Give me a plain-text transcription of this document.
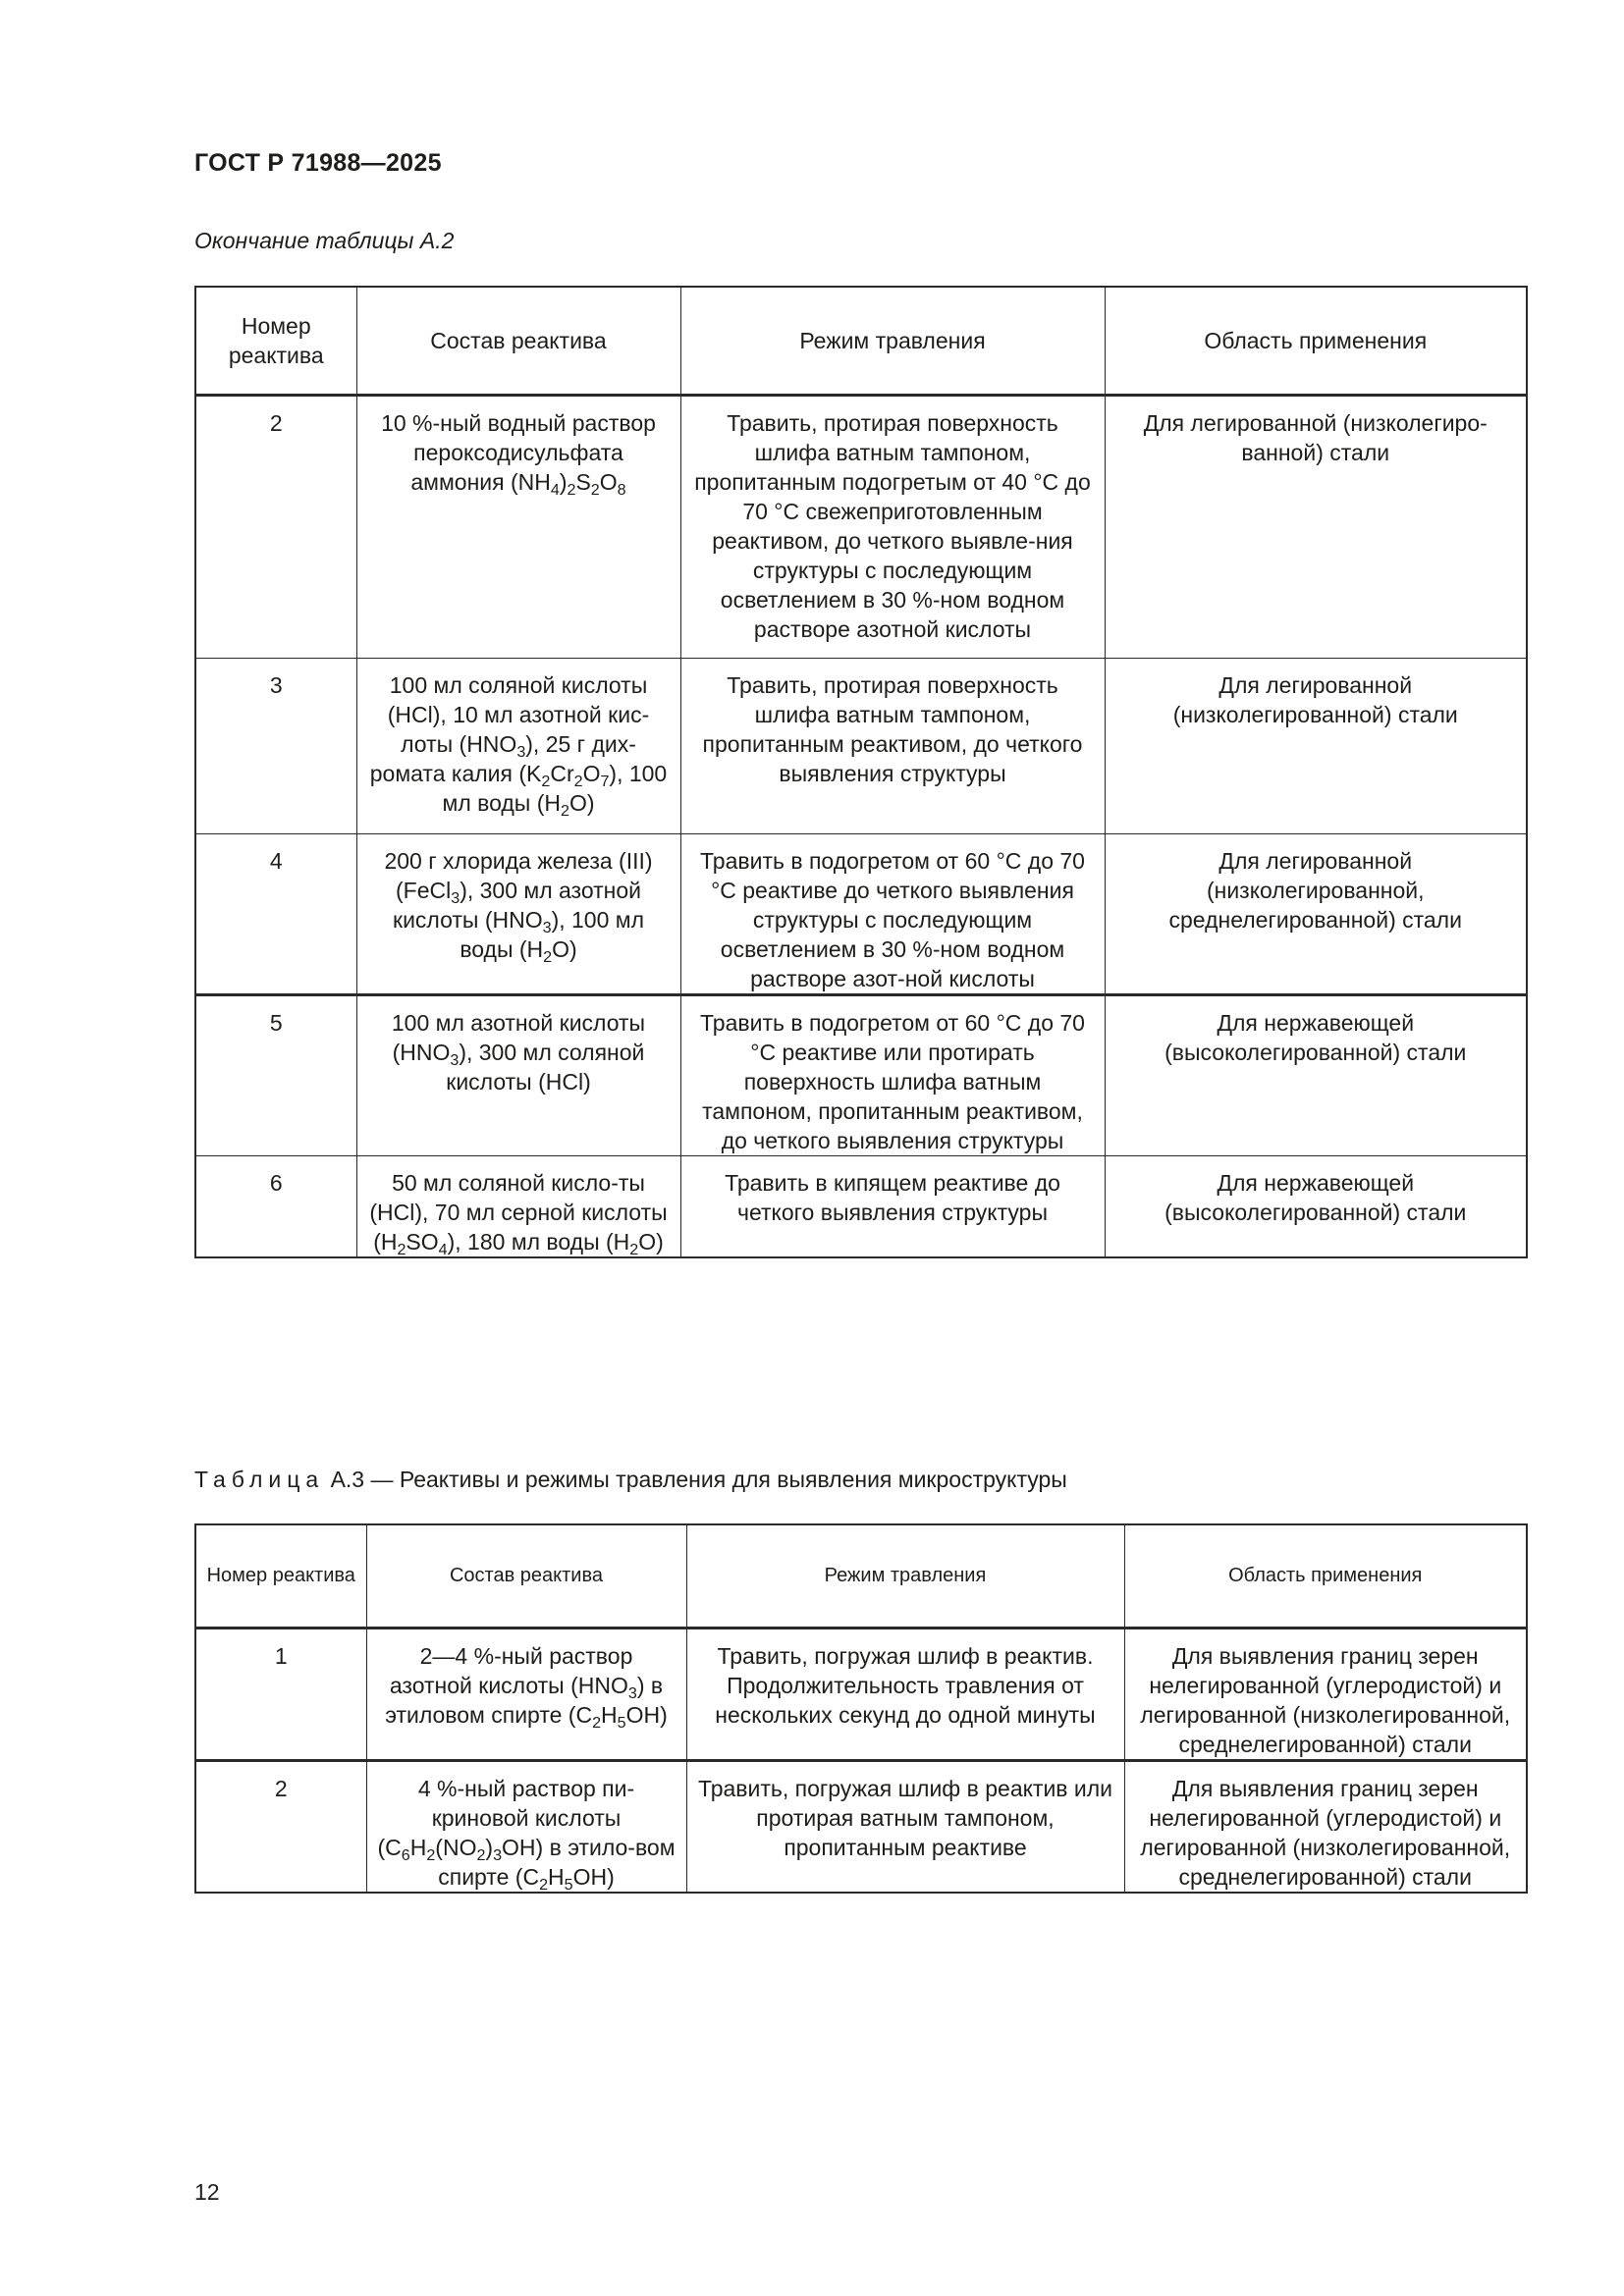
ГОСТ Р 71988—2025
Окончание таблицы А.2
Номер реактива	Состав реактива	Режим травления	Область применения

2	10 %-ный водный раствор пероксодисульфата аммония $(NH_4)_2S_2O_8$	Травить, протирая поверхность шлифа ватным тампоном, пропитанным подогретым от 40 °С до 70 °С свежеприготовленным реактивом, до четкого выявле-ния структуры с последующим осветлением в 30 %-ном водном растворе азотной кислоты	Для легированной (низколегиро-ванной) стали

3	100 мл соляной кислоты (HCl), 10 мл азотной кис-лоты $(HNO_3)$, 25 г дих-ромата калия $(K_2Cr_2O_7)$, 100 мл воды $(H_2O)$	Травить, протирая поверхность шлифа ватным тампоном, пропитанным реактивом, до четкого выявления структуры	Для легированной (низколегированной) стали

4	200 г хлорида железа (III) (FeCl$_3$), 300 мл азотной кислоты $(HNO_3)$, 100 мл воды $(H_2O)$	Травить в подогретом от 60 °С до 70 °С реактиве до четкого выявления структуры с последующим осветлением в 30 %-ном водном растворе азот-ной кислоты	Для легированной (низколегированной, среднелегированной) стали

5	100 мл азотной кислоты $(HNO_3)$, 300 мл соляной кислоты (HCl)	Травить в подогретом от 60 °С до 70 °С реактиве или протирать поверхность шлифа ватным тампоном, пропитанным реактивом, до четкого выявления структуры	Для нержавеющей (высоколегированной) стали

6	50 мл соляной кисло-ты (HCl), 70 мл серной кислоты $(H_2SO_4)$, 180 мл воды $(H_2O)$	Травить в кипящем реактиве до четкого выявления структуры	Для нержавеющей (высоколегированной) стали
Таблица А.3 — Реактивы и режимы травления для выявления микроструктуры
Номер реактива	Состав реактива	Режим травления	Область применения

1	2—4 %-ный раствор азотной кислоты $(HNO_3)$ в этиловом спирте $(C_2H_5OH)$	Травить, погружая шлиф в реактив. Продолжительность травления от нескольких секунд до одной минуты	Для выявления границ зерен нелегированной (углеродистой) и легированной (низколегированной, среднелегированной) стали

2	4 %-ный раствор пи-криновой кислоты $(C_6H_2(NO_2)_3OH)$ в этило-вом спирте $(C_2H_5OH)$	Травить, погружая шлиф в реактив или протирая ватным тампоном, пропитанным реактиве	Для выявления границ зерен нелегированной (углеродистой) и легированной (низколегированной, среднелегированной) стали
12
